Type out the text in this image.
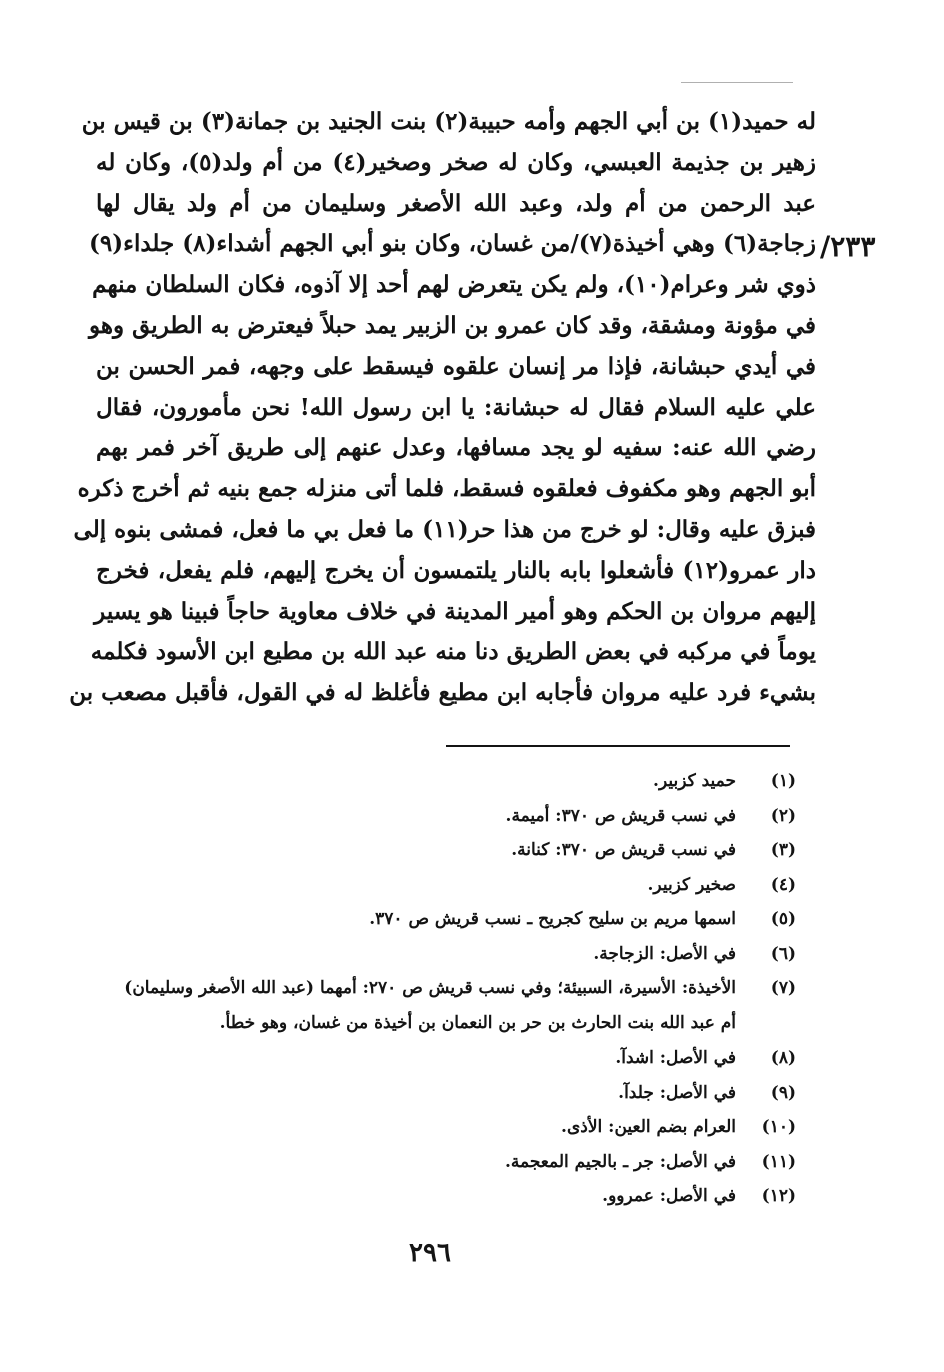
/٢٣٣
له حميد(١) بن أبي الجهم وأمه حبيبة(٢) بنت الجنيد بن جمانة(٣) بن قيس بن
زهير بن جذيمة العبسي، وكان له صخر وصخير(٤) من أم ولد(٥)، وكان له
عبد الرحمن من أم ولد، وعبد الله الأصغر وسليمان من أم ولد يقال لها
زجاجة(٦) وهي أخيذة(٧)/من غسان، وكان بنو أبي الجهم أشداء(٨) جلداء(٩)
ذوي شر وعرام(١٠)، ولم يكن يتعرض لهم أحد إلا آذوه، فكان السلطان منهم
في مؤونة ومشقة، وقد كان عمرو بن الزبير يمد حبلاً فيعترض به الطريق وهو
في أيدي حبشانة، فإذا مر إنسان علقوه فيسقط على وجهه، فمر الحسن بن
علي عليه السلام فقال له حبشانة: يا ابن رسول الله! نحن مأمورون، فقال
رضي الله عنه: سفيه لو يجد مسافها، وعدل عنهم إلى طريق آخر فمر بهم
أبو الجهم وهو مكفوف فعلقوه فسقط، فلما أتى منزله جمع بنيه ثم أخرج ذكره
فبزق عليه وقال: لو خرج من هذا حر(١١) ما فعل بي ما فعل، فمشى بنوه إلى
دار عمرو(١٢) فأشعلوا بابه بالنار يلتمسون أن يخرج إليهم، فلم يفعل، فخرج
إليهم مروان بن الحكم وهو أمير المدينة في خلاف معاوية حاجاً فبينا هو يسير
يوماً في مركبه في بعض الطريق دنا منه عبد الله بن مطيع ابن الأسود فكلمه
بشيء فرد عليه مروان فأجابه ابن مطيع فأغلظ له في القول، فأقبل مصعب بن
(١)
حميد كزبير.
(٢)
في نسب قريش ص ٣٧٠: أميمة.
(٣)
في نسب قريش ص ٣٧٠: كنانة.
(٤)
صخير كزبير.
(٥)
اسمها مريم بن سليح كجريح ـ نسب قريش ص ٣٧٠.
(٦)
في الأصل: الزجاجة.
(٧)
الأخيذة: الأسيرة، السبيئة؛ وفي نسب قريش ص ٢٧٠: أمهما (عبد الله الأصغر وسليمان)
أم عبد الله بنت الحارث بن حر بن النعمان بن أخيذة من غسان، وهو خطأ.
(٨)
في الأصل: اشدآ.
(٩)
في الأصل: جلدآ.
(١٠)
العرام بضم العين: الأذى.
(١١)
في الأصل: جر ـ بالجيم المعجمة.
(١٢)
في الأصل: عمروو.
٢٩٦
